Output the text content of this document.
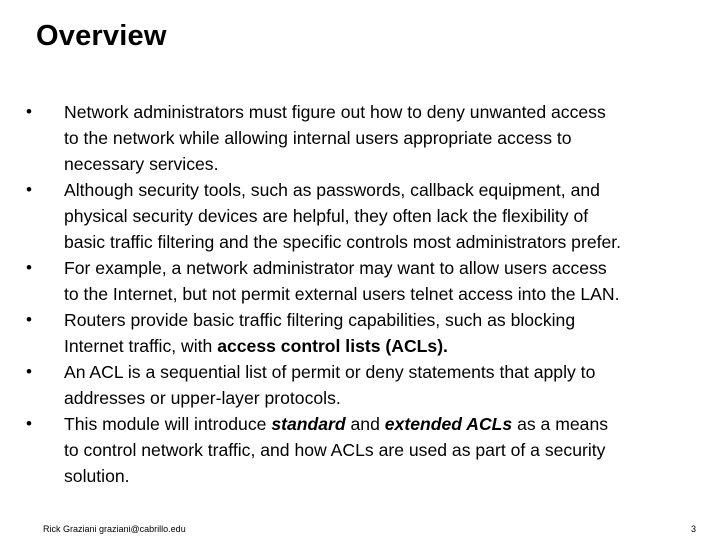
Overview
•	Network administrators must figure out how to deny unwanted access
to the network while allowing internal users appropriate access to
necessary services.
•	Although security tools, such as passwords, callback equipment, and
physical security devices are helpful, they often lack the flexibility of
basic traffic filtering and the specific controls most administrators prefer.
•	For example, a network administrator may want to allow users access
to the Internet, but not permit external users telnet access into the LAN.
•	Routers provide basic traffic filtering capabilities, such as blocking
Internet traffic, with access control lists (ACLs).
•	An ACL is a sequential list of permit or deny statements that apply to
addresses or upper-layer protocols.
•	This module will introduce standard and extended ACLs as a means
to control network traffic, and how ACLs are used as part of a security
solution.
Rick Graziani graziani@cabrillo.edu	3
